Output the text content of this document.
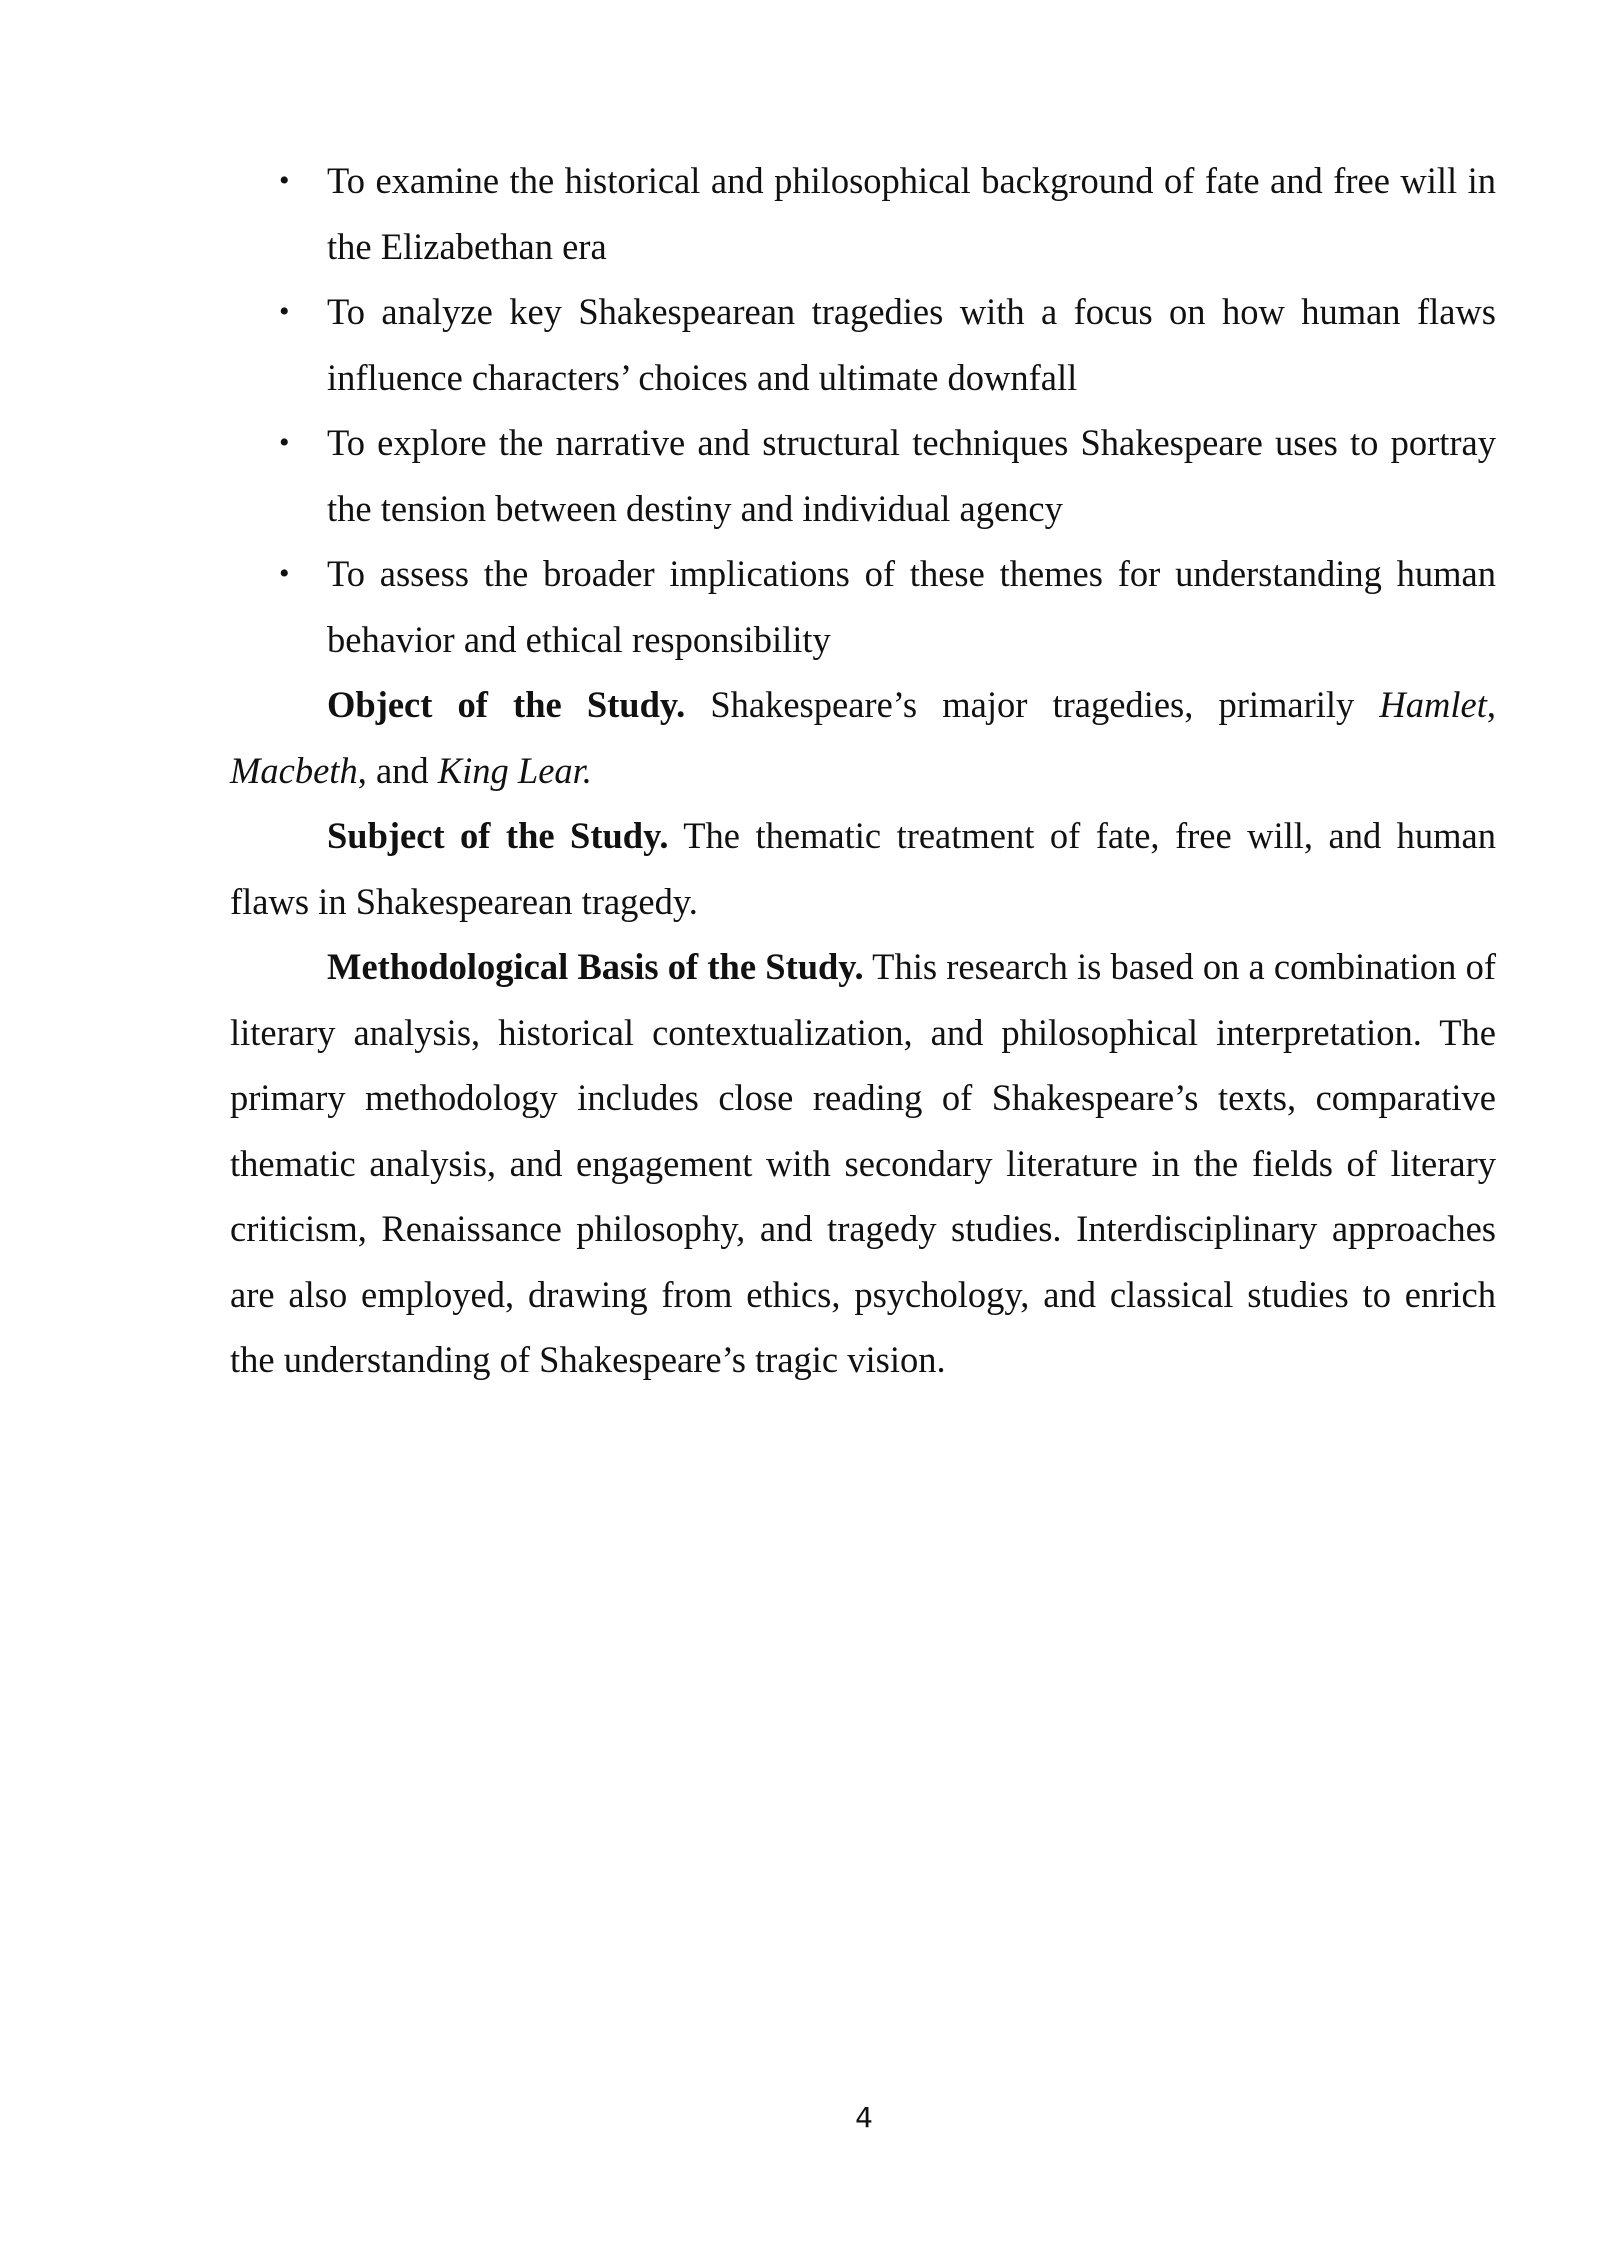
• To examine the historical and philosophical background of fate and free will in the Elizabethan era
• To analyze key Shakespearean tragedies with a focus on how human flaws influence characters’ choices and ultimate downfall
• To explore the narrative and structural techniques Shakespeare uses to portray the tension between destiny and individual agency
• To assess the broader implications of these themes for understanding human behavior and ethical responsibility

Object of the Study. Shakespeare’s major tragedies, primarily Hamlet, Macbeth, and King Lear.

Subject of the Study. The thematic treatment of fate, free will, and human flaws in Shakespearean tragedy.

Methodological Basis of the Study. This research is based on a combination of literary analysis, historical contextualization, and philosophical interpretation. The primary methodology includes close reading of Shakespeare’s texts, comparative thematic analysis, and engagement with secondary literature in the fields of literary criticism, Renaissance philosophy, and tragedy studies. Interdisciplinary approaches are also employed, drawing from ethics, psychology, and classical studies to enrich the understanding of Shakespeare’s tragic vision.

4
